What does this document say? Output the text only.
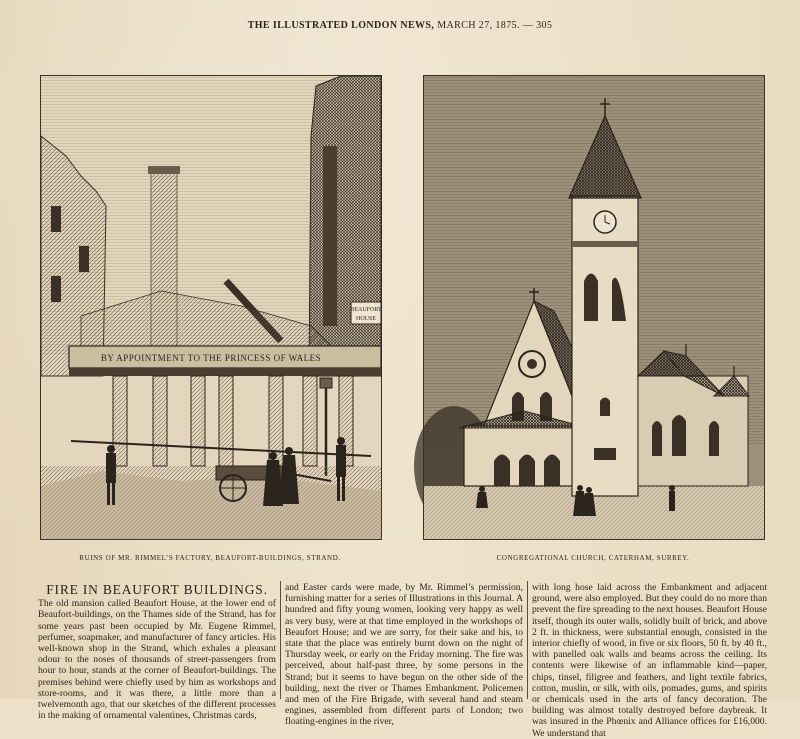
THE ILLUSTRATED LONDON NEWS, MARCH 27, 1875. — 305
BEAUFORT
HOUSE
BY APPOINTMENT TO THE PRINCESS OF WALES
RUINS OF MR. RIMMEL’S FACTORY, BEAUFORT-BUILDINGS, STRAND.	CONGREGATIONAL CHURCH, CATERHAM, SURREY.
FIRE IN BEAUFORT BUILDINGS.

The old mansion called Beaufort House, at the lower end of Beaufort-buildings, on the Thames side of the Strand, has for some years past been occupied by Mr. Eugene Rimmel, perfumer, soapmaker, and manufacturer of fancy articles. His well-known shop in the Strand, which exhales a pleasant odour to the noses of thousands of street-passengers from hour to hour, stands at the corner of Beaufort-buildings. The premises behind were chiefly used by him as workshops and store-rooms, and it was there, a little more than a twelvemonth ago, that our sketches of the different processes in the making of ornamental valentines, Christmas cards,

and Easter cards were made, by Mr. Rimmel’s permission, furnishing matter for a series of Illustrations in this Journal. A hundred and fifty young women, looking very happy as well as very busy, were at that time employed in the workshops of Beaufort House; and we are sorry, for their sake and his, to state that the place was entirely burnt down on the night of Thursday week, or early on the Friday morning. The fire was perceived, about half-past three, by some persons in the Strand; but it seems to have begun on the other side of the building, next the river or Thames Embankment. Policemen and men of the Fire Brigade, with several hand and steam engines, assembled from different parts of London; two floating-engines in the river,

with long hose laid across the Embankment and adjacent ground, were also employed. But they could do no more than prevent the fire spreading to the next houses. Beaufort House itself, though its outer walls, solidly built of brick, and above 2 ft. in thickness, were substantial enough, consisted in the interior chiefly of wood, in five or six floors, 50 ft. by 40 ft., with panelled oak walls and beams across the ceiling. Its contents were likewise of an inflammable kind—paper, chips, tinsel, filigree and feathers, and light textile fabrics, cotton, muslin, or silk, with oils, pomades, gums, and spirits or chemicals used in the arts of fancy decoration. The building was almost totally destroyed before daybreak. It was insured in the Phœnix and Alliance offices for £16,000. We understand that
